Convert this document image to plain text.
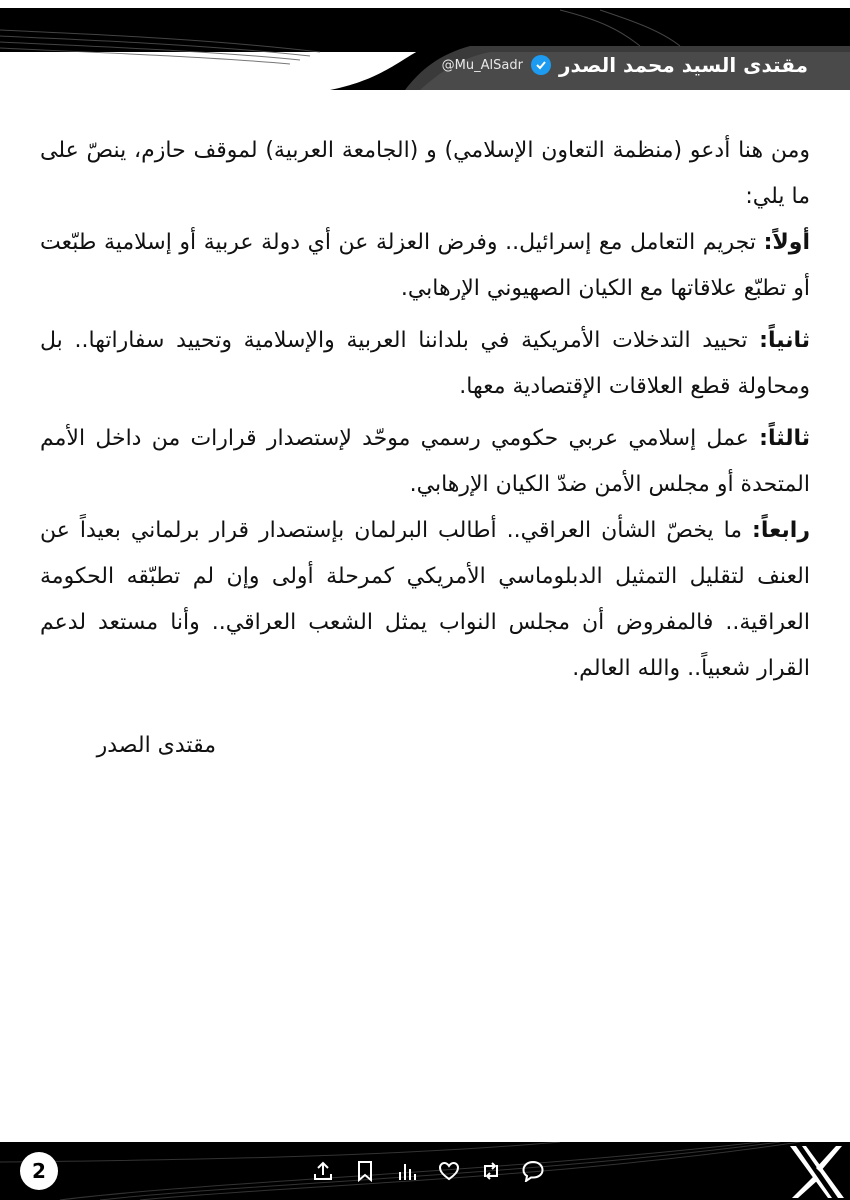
مقتدى السيد محمد الصدر
@Mu_AlSadr

ومن هنا أدعو (منظمة التعاون الإسلامي) و (الجامعة العربية) لموقف حازم، ينصّ على ما يلي:

أولاً: تجريم التعامل مع إسرائيل.. وفرض العزلة عن أي دولة عربية أو إسلامية طبّعت أو تطبّع علاقاتها مع الكيان الصهيوني الإرهابي.

ثانياً: تحييد التدخلات الأمريكية في بلداننا العربية والإسلامية وتحييد سفاراتها.. بل ومحاولة قطع العلاقات الإقتصادية معها.

ثالثاً: عمل إسلامي عربي حكومي رسمي موحّد لإستصدار قرارات من داخل الأمم المتحدة أو مجلس الأمن ضدّ الكيان الإرهابي.

رابعاً: ما يخصّ الشأن العراقي.. أطالب البرلمان بإستصدار قرار برلماني بعيداً عن العنف لتقليل التمثيل الدبلوماسي الأمريكي كمرحلة أولى وإن لم تطبّقه الحكومة العراقية.. فالمفروض أن مجلس النواب يمثل الشعب العراقي.. وأنا مستعد لدعم القرار شعبياً.. والله العالم.

مقتدى الصدر
2
